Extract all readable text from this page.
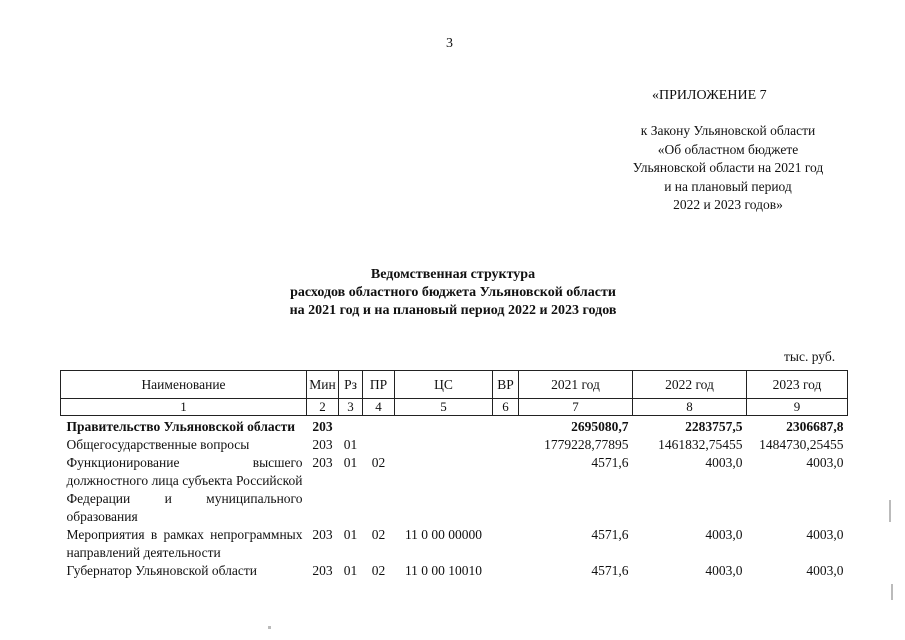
3
«ПРИЛОЖЕНИЕ 7
к Закону Ульяновской области
«Об областном бюджете
Ульяновской области на 2021 год
и на плановый период
2022 и 2023 годов»
Ведомственная структура
расходов областного бюджета Ульяновской области
на 2021 год и на плановый период 2022 и 2023 годов
тыс. руб.
Наименование	Мин	Рз	ПР	ЦС	ВР	2021 год	2022 год	2023 год
1	2	3	4	5	6	7	8	9
Правительство Ульяновской области	203					2695080,7	2283757,5	2306687,8
Общегосударственные вопросы	203	01				1779228,77895	1461832,75455	1484730,25455
Функционирование высшего должностного лица субъекта Российской Федерации и муниципального образования	203	01	02			4571,6	4003,0	4003,0
Мероприятия в рамках непрограммных направлений деятельности	203	01	02	11 0 00 00000		4571,6	4003,0	4003,0
Губернатор Ульяновской области	203	01	02	11 0 00 10010		4571,6	4003,0	4003,0
